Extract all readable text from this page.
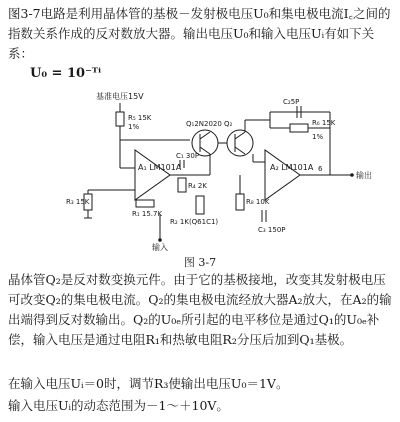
图3-7电路是利用晶体管的基极－发射极电压U₀和集电极电流I꜀之间的指数关系作成的反对数放大器。输出电压U₀和输入电压Uᵢ有如下关系：

U₀ = 10⁻ᵁⁱ
基准电压15V
R₅ 15K
1%	Q₁2N2020 Q₂
C₂5P
R₆ 15K
1%
A₁ LM101A
C₁ 30P
R₄ 2K
A₂ LM101A 6
输出
R₃ 15K
R₁ 15.7K
R₂ 1K(Q61C1)
R₈ 10K
C₃ 150P
输入
图 3-7

晶体管Q₂是反对数变换元件。由于它的基极接地，改变其发射极电压可改变Q₂的集电极电流。Q₂的集电极电流经放大器A₂放大，在A₂的输出端得到反对数输出。Q₂的U₀ₑ所引起的电平移位是通过Q₁的U₀ₑ补偿，输入电压是通过电阻R₁和热敏电阻R₂分压后加到Q₁基极。

在输入电压Uᵢ＝0时，调节R₃使输出电压U₀＝1V。

输入电压Uᵢ的动态范围为－1～＋10V。
